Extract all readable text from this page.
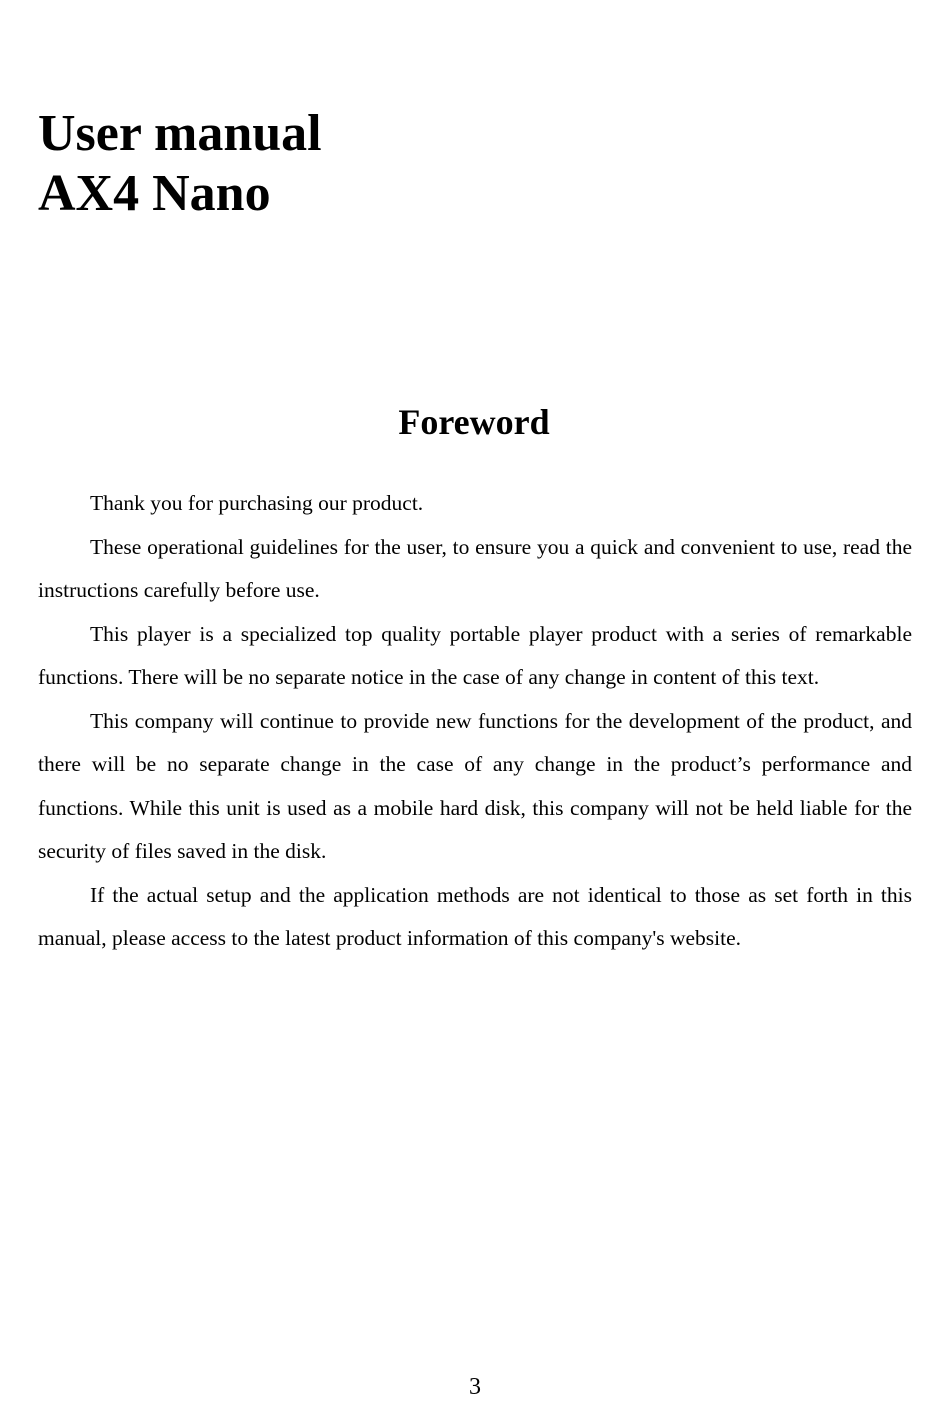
User manual
AX4 Nano
Foreword

Thank you for purchasing our product.

These operational guidelines for the user, to ensure you a quick and convenient to use, read the instructions carefully before use.

This player is a specialized top quality portable player product with a series of remarkable functions. There will be no separate notice in the case of any change in content of this text.

This company will continue to provide new functions for the development of the product, and there will be no separate change in the case of any change in the product’s performance and functions. While this unit is used as a mobile hard disk, this company will not be held liable for the security of files saved in the disk.

If the actual setup and the application methods are not identical to those as set forth in this manual, please access to the latest product information of this company's website.

3
